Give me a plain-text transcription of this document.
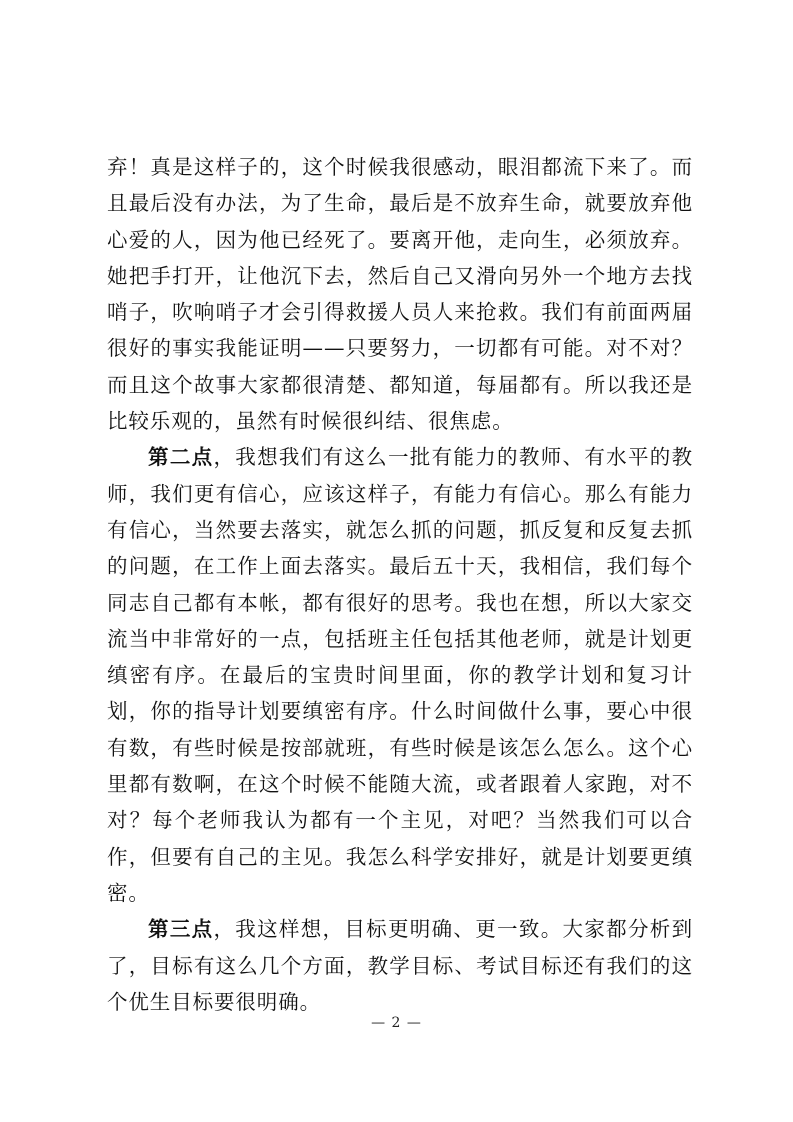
弃！真是这样子的，这个时候我很感动，眼泪都流下来了。而且最后没有办法，为了生命，最后是不放弃生命，就要放弃他心爱的人，因为他已经死了。要离开他，走向生，必须放弃。她把手打开，让他沉下去，然后自己又滑向另外一个地方去找哨子，吹响哨子才会引得救援人员人来抢救。我们有前面两届很好的事实我能证明——只要努力，一切都有可能。对不对？而且这个故事大家都很清楚、都知道，每届都有。所以我还是比较乐观的，虽然有时候很纠结、很焦虑。

第二点，我想我们有这么一批有能力的教师、有水平的教师，我们更有信心，应该这样子，有能力有信心。那么有能力有信心，当然要去落实，就怎么抓的问题，抓反复和反复去抓的问题，在工作上面去落实。最后五十天，我相信，我们每个同志自己都有本帐，都有很好的思考。我也在想，所以大家交流当中非常好的一点，包括班主任包括其他老师，就是计划更缜密有序。在最后的宝贵时间里面，你的教学计划和复习计划，你的指导计划要缜密有序。什么时间做什么事，要心中很有数，有些时候是按部就班，有些时候是该怎么怎么。这个心里都有数啊，在这个时候不能随大流，或者跟着人家跑，对不对？每个老师我认为都有一个主见，对吧？当然我们可以合作，但要有自己的主见。我怎么科学安排好，就是计划要更缜密。

第三点，我这样想，目标更明确、更一致。大家都分析到了，目标有这么几个方面，教学目标、考试目标还有我们的这个优生目标要很明确。

— 2 —
